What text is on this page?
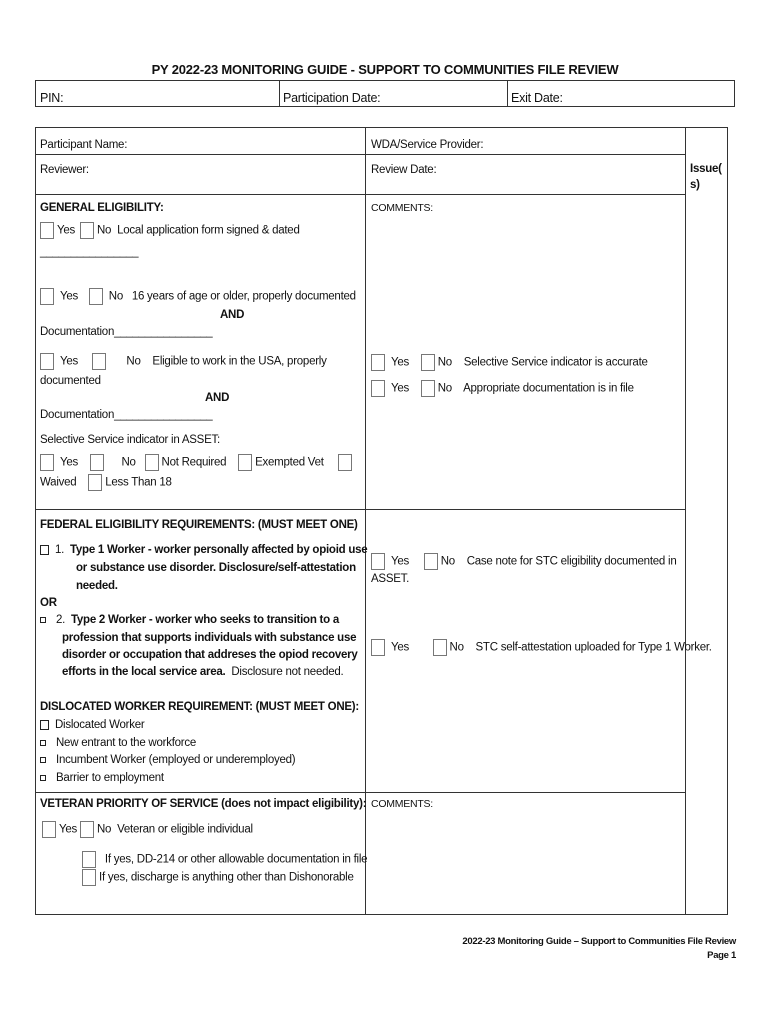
PY 2022-23 MONITORING GUIDE - SUPPORT TO COMMUNITIES FILE REVIEW
PIN:	Participation Date:	Exit Date:
Participant Name:	WDA/Service Provider:
Reviewer:	Review Date:	Issue(
s)
GENERAL ELIGIBILITY:	COMMENTS:
Yes No Local application form signed & dated
________________
Yes	No 16 years of age or older, properly documented
AND
Documentation________________
Yes	No Eligible to work in the USA, properly
documented
AND
Documentation________________
Selective Service indicator in ASSET:
Yes	No Not Required	Exempted Vet
Waived	Less Than 18
Yes	No Selective Service indicator is accurate
Yes	No Appropriate documentation is in file
FEDERAL ELIGIBILITY REQUIREMENTS: (MUST MEET ONE)
1. Type 1 Worker - worker personally affected by opioid use
or substance use disorder. Disclosure/self-attestation
needed.
OR
2. Type 2 Worker - worker who seeks to transition to a
profession that supports individuals with substance use
disorder or occupation that addreses the opiod recovery
efforts in the local service area. Disclosure not needed.
Yes	No Case note for STC eligibility documented in
ASSET.
Yes	No STC self-attestation uploaded for Type 1 Worker.
DISLOCATED WORKER REQUIREMENT: (MUST MEET ONE):
Dislocated Worker
New entrant to the workforce
Incumbent Worker (employed or underemployed)
Barrier to employment
VETERAN PRIORITY OF SERVICE (does not impact eligibility): COMMENTS:
Yes No Veteran or eligible individual
If yes, DD-214 or other allowable documentation in file
If yes, discharge is anything other than Dishonorable
2022-23 Monitoring Guide – Support to Communities File Review
Page 1
